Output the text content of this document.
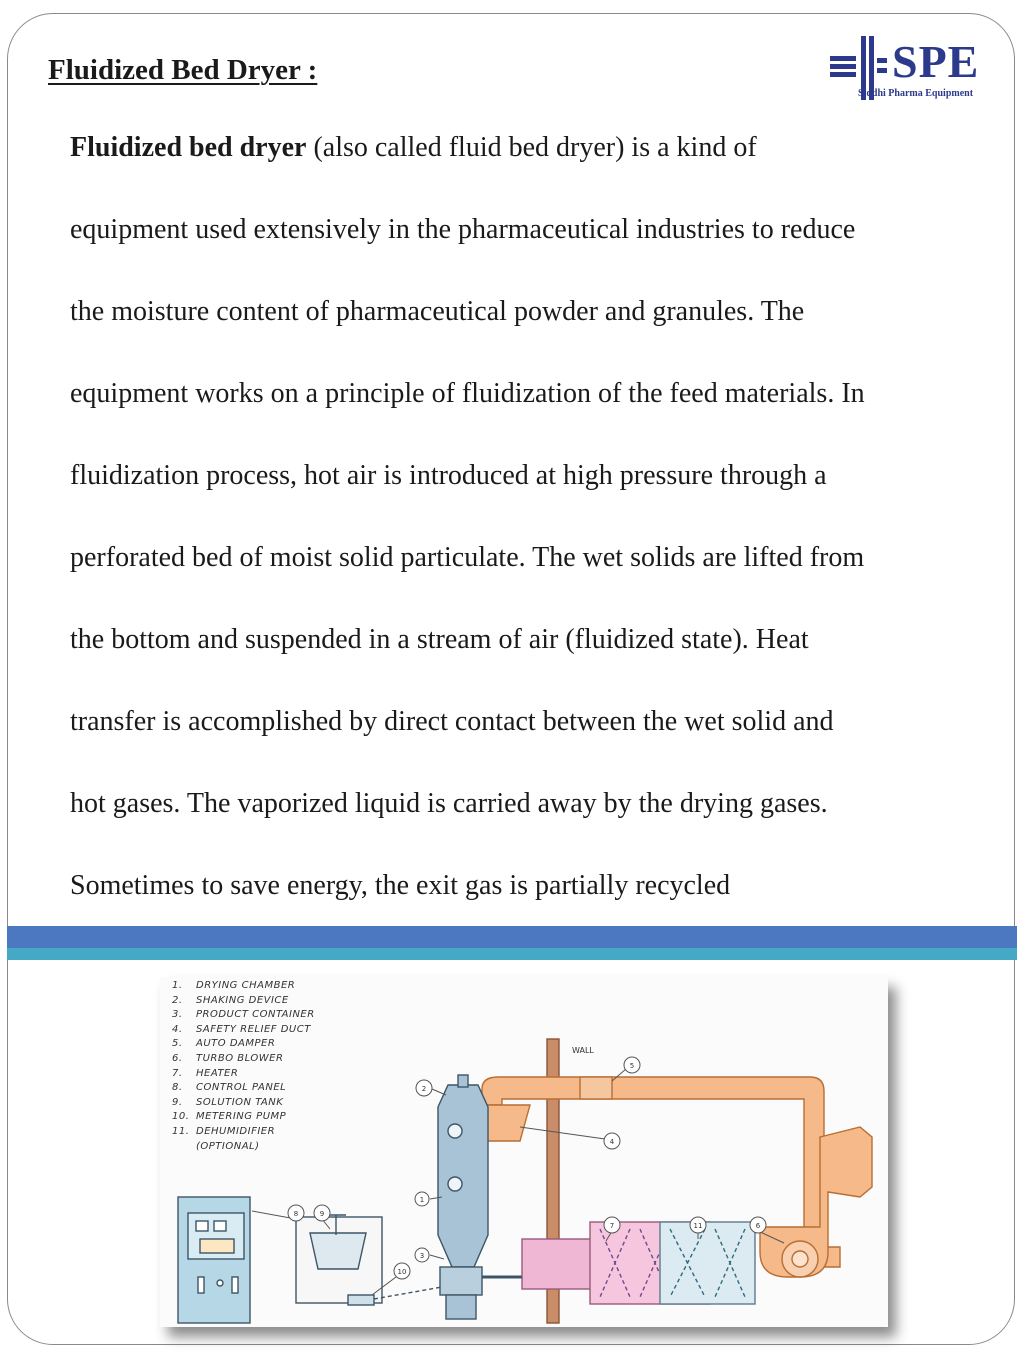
Fluidized Bed Dryer :	SPE
Siddhi Pharma Equipment
Fluidized bed dryer (also called fluid bed dryer) is a kind of
equipment used extensively in the pharmaceutical industries to reduce
the moisture content of pharmaceutical powder and granules. The
equipment works on a principle of fluidization of the feed materials. In
fluidization process, hot air is introduced at high pressure through a
perforated bed of moist solid particulate. The wet solids are lifted from
the bottom and suspended in a stream of air (fluidized state). Heat
transfer is accomplished by direct contact between the wet solid and
hot gases. The vaporized liquid is carried away by the drying gases.
Sometimes to save energy, the exit gas is partially recycled
1. DRYING CHAMBER
2. SHAKING DEVICE
3. PRODUCT CONTAINER
4. SAFETY RELIEF DUCT
5. AUTO DAMPER
6. TURBO BLOWER
7. HEATER
8. CONTROL PANEL
9. SOLUTION TANK
10. METERING PUMP
11. DEHUMIDIFIER
(OPTIONAL)
WALL
2
1
3
4
5
6
7
8	9
10
11
